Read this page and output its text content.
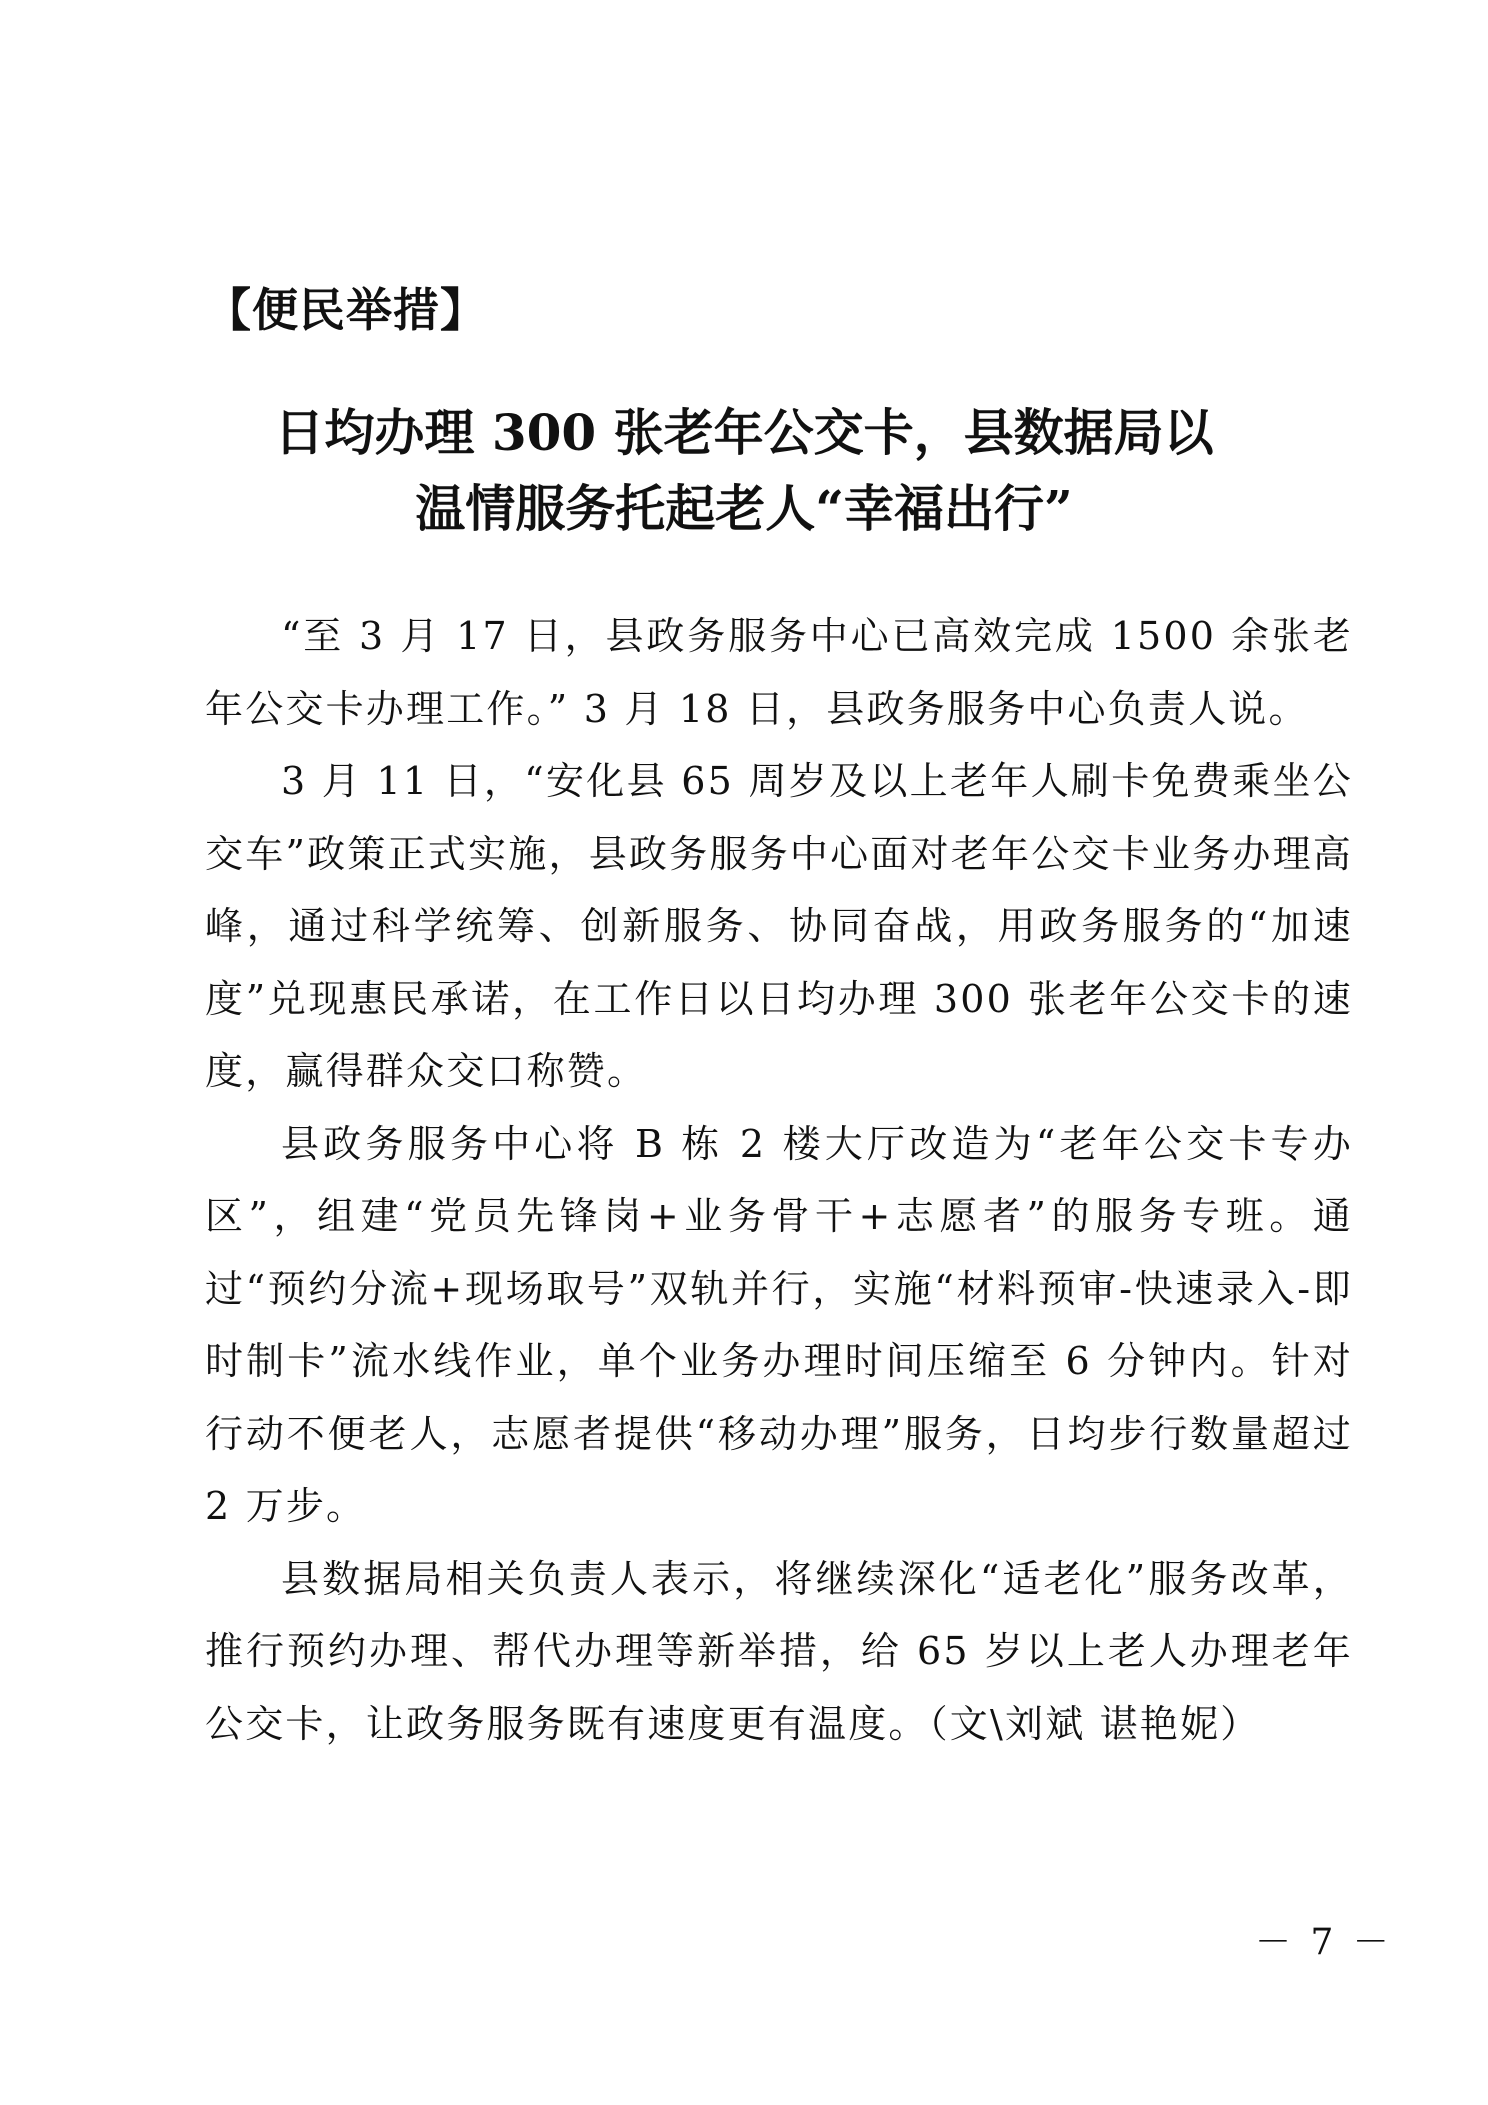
【便民举措】
日均办理 300 张老年公交卡，县数据局以
温情服务托起老人“幸福出行”

“至 3 月 17 日，县政务服务中心已高效完成 1500 余张老年公交卡办理工作。” 3 月 18 日，县政务服务中心负责人说。

3 月 11 日，“安化县 65 周岁及以上老年人刷卡免费乘坐公交车”政策正式实施，县政务服务中心面对老年公交卡业务办理高峰，通过科学统筹、创新服务、协同奋战，用政务服务的“加速度”兑现惠民承诺，在工作日以日均办理 300 张老年公交卡的速度，赢得群众交口称赞。

县政务服务中心将 B 栋 2 楼大厅改造为“老年公交卡专办区”，组建“党员先锋岗+业务骨干+志愿者”的服务专班。通过“预约分流+现场取号”双轨并行，实施“材料预审-快速录入-即时制卡”流水线作业，单个业务办理时间压缩至 6 分钟内。针对行动不便老人，志愿者提供“移动办理”服务，日均步行数量超过 2 万步。

县数据局相关负责人表示，将继续深化“适老化”服务改革，推行预约办理、帮代办理等新举措，给 65 岁以上老人办理老年公交卡，让政务服务既有速度更有温度。（文\刘斌 谌艳妮）

－ 7 －
